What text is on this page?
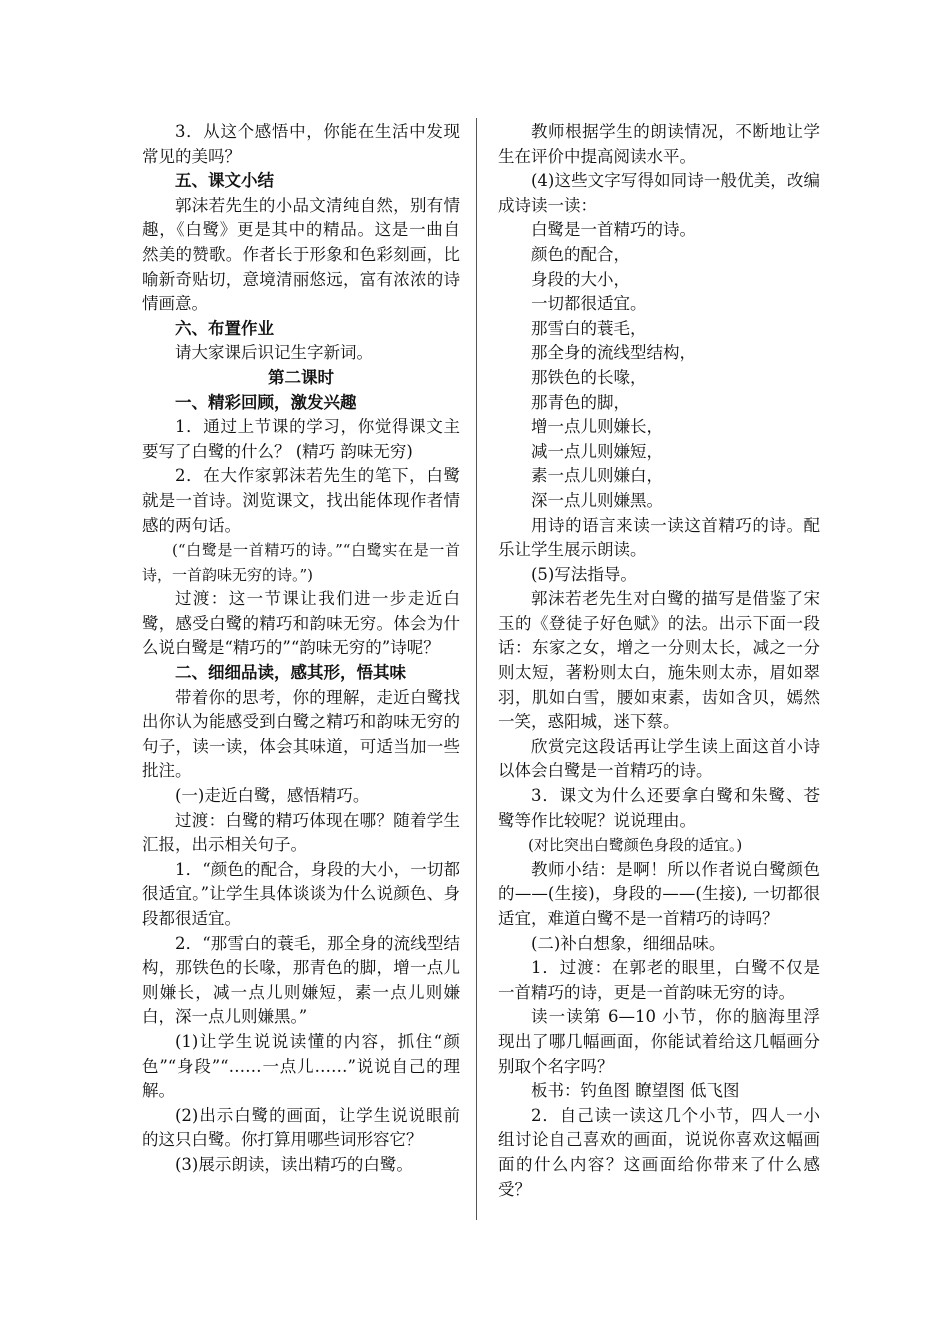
3．从这个感悟中，你能在生活中发现常见的美吗？
五、课文小结
郭沫若先生的小品文清纯自然，别有情趣，《白鹭》更是其中的精品。这是一曲自然美的赞歌。作者长于形象和色彩刻画，比喻新奇贴切，意境清丽悠远，富有浓浓的诗情画意。
六、布置作业
请大家课后识记生字新词。
第二课时
一、精彩回顾，激发兴趣
1．通过上节课的学习，你觉得课文主要写了白鹭的什么？ (精巧 韵味无穷)
2．在大作家郭沫若先生的笔下，白鹭就是一首诗。浏览课文，找出能体现作者情感的两句话。
(“白鹭是一首精巧的诗。”“白鹭实在是一首诗，一首韵味无穷的诗。”)
过渡：这一节课让我们进一步走近白鹭，感受白鹭的精巧和韵味无穷。体会为什么说白鹭是“精巧的”“韵味无穷的”诗呢？
二、细细品读，感其形，悟其味
带着你的思考，你的理解，走近白鹭找出你认为能感受到白鹭之精巧和韵味无穷的句子，读一读，体会其味道，可适当加一些批注。
(一)走近白鹭，感悟精巧。
过渡：白鹭的精巧体现在哪？随着学生汇报，出示相关句子。
1．“颜色的配合，身段的大小，一切都很适宜。”让学生具体谈谈为什么说颜色、身段都很适宜。
2．“那雪白的蓑毛，那全身的流线型结构，那铁色的长喙，那青色的脚，增一点儿则嫌长，减一点儿则嫌短，素一点儿则嫌白，深一点儿则嫌黑。”
(1)让学生说说读懂的内容，抓住“颜色”“身段”“……一点儿……”说说自己的理解。
(2)出示白鹭的画面，让学生说说眼前的这只白鹭。你打算用哪些词形容它？
(3)展示朗读，读出精巧的白鹭。
教师根据学生的朗读情况，不断地让学生在评价中提高阅读水平。
(4)这些文字写得如同诗一般优美，改编成诗读一读：
白鹭是一首精巧的诗。
颜色的配合，
身段的大小，
一切都很适宜。
那雪白的蓑毛，
那全身的流线型结构，
那铁色的长喙，
那青色的脚，
增一点儿则嫌长，
减一点儿则嫌短，
素一点儿则嫌白，
深一点儿则嫌黑。
用诗的语言来读一读这首精巧的诗。配乐让学生展示朗读。
(5)写法指导。
郭沫若老先生对白鹭的描写是借鉴了宋玉的《登徒子好色赋》的法。出示下面一段话：东家之女，增之一分则太长，减之一分则太短，著粉则太白，施朱则太赤，眉如翠羽，肌如白雪，腰如束素，齿如含贝，嫣然一笑，惑阳城，迷下蔡。
欣赏完这段话再让学生读上面这首小诗以体会白鹭是一首精巧的诗。
3．课文为什么还要拿白鹭和朱鹭、苍鹭等作比较呢？说说理由。
(对比突出白鹭颜色身段的适宜。)
教师小结：是啊！所以作者说白鹭颜色的——(生接)，身段的——(生接), 一切都很适宜，难道白鹭不是一首精巧的诗吗？
(二)补白想象，细细品味。
1．过渡：在郭老的眼里，白鹭不仅是一首精巧的诗，更是一首韵味无穷的诗。
读一读第 6—10 小节，你的脑海里浮现出了哪几幅画面，你能试着给这几幅画分别取个名字吗？
板书：钓鱼图 瞭望图 低飞图
2．自己读一读这几个小节，四人一小组讨论自己喜欢的画面，说说你喜欢这幅画面的什么内容？这画面给你带来了什么感受？
